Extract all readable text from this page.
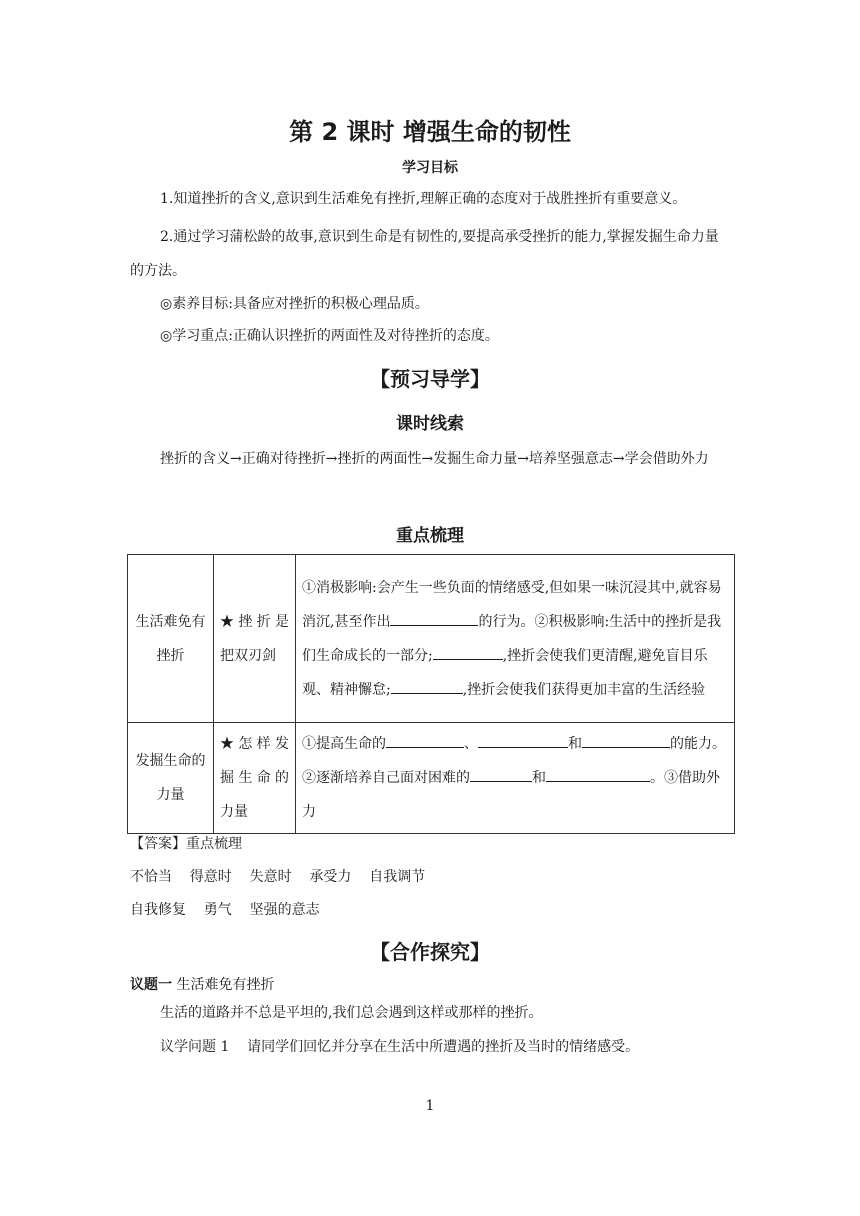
第 2 课时 增强生命的韧性
学习目标
1.知道挫折的含义,意识到生活难免有挫折,理解正确的态度对于战胜挫折有重要意义。
2.通过学习蒲松龄的故事,意识到生命是有韧性的,要提高承受挫折的能力,掌握发掘生命力量的方法。
◎素养目标:具备应对挫折的积极心理品质。
◎学习重点:正确认识挫折的两面性及对待挫折的态度。
【预习导学】
课时线索
挫折的含义→正确对待挫折→挫折的两面性→发掘生命力量→培养坚强意志→学会借助外力
重点梳理
生活难免有挫折	★挫折是把双刃剑	①消极影响:会产生一些负面的情绪感受,但如果一味沉浸其中,就容易消沉,甚至作出 的行为。②积极影响:生活中的挫折是我们生命成长的一部分; ,挫折会使我们更清醒,避免盲目乐观、精神懈怠; ,挫折会使我们获得更加丰富的生活经验
发掘生命的力量	★怎样发掘生命的力量	①提高生命的 、 和 的能力。②逐渐培养自己面对困难的 和 。③借助外力
【答案】重点梳理
不恰当    得意时    失意时    承受力    自我调节
自我修复    勇气    坚强的意志
【合作探究】
议题一 生活难免有挫折
生活的道路并不总是平坦的,我们总会遇到这样或那样的挫折。
议学问题 1    请同学们回忆并分享在生活中所遭遇的挫折及当时的情绪感受。
1
